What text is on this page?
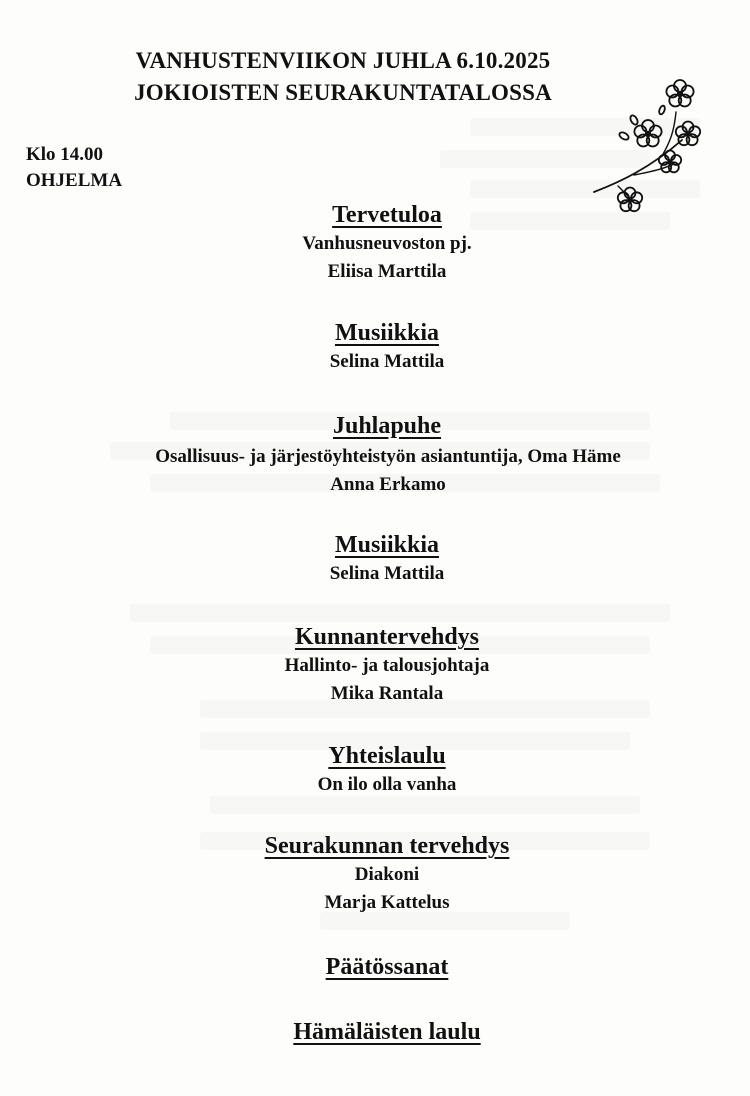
VANHUSTENVIIKON JUHLA 6.10.2025
JOKIOISTEN SEURAKUNTATALOSSA
Klo 14.00
OHJELMA
Tervetuloa
Vanhusneuvoston pj.
Eliisa Marttila
Musiikkia
Selina Mattila
Juhlapuhe
Osallisuus- ja järjestöyhteistyön asiantuntija, Oma Häme
Anna Erkamo
Musiikkia
Selina Mattila
Kunnantervehdys
Hallinto- ja talousjohtaja
Mika Rantala
Yhteislaulu
On ilo olla vanha
Seurakunnan tervehdys
Diakoni
Marja Kattelus
Päätössanat
Hämäläisten laulu
